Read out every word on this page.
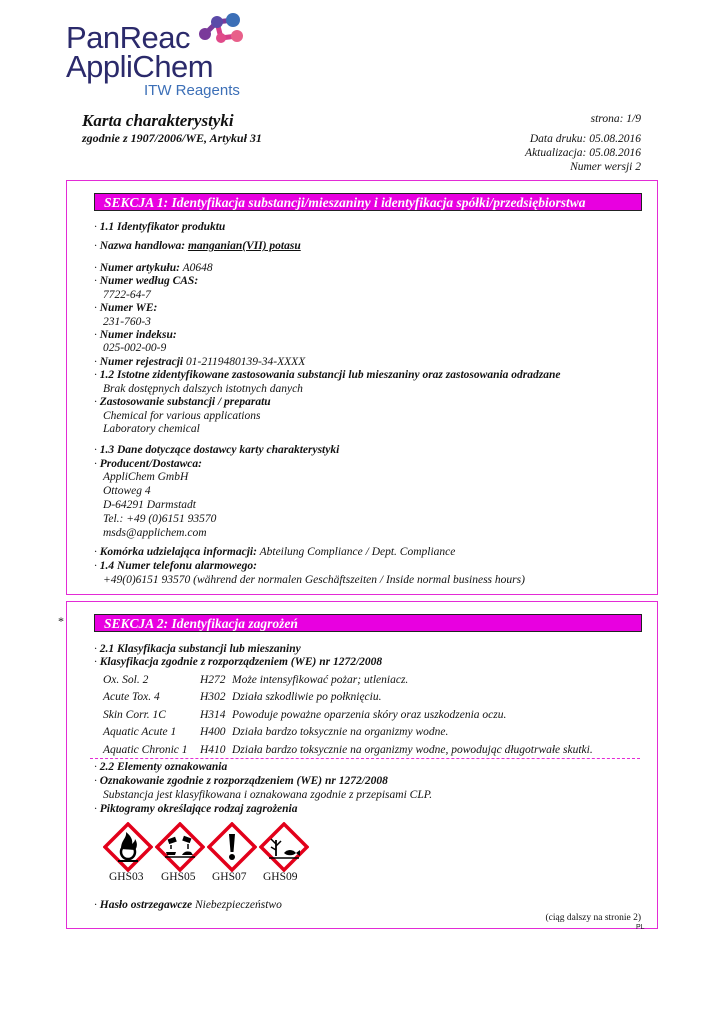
PanReac
AppliChem
ITW Reagents
Karta charakterystyki
zgodnie z 1907/2006/WE, Artykuł 31
strona: 1/9
Data druku: 05.08.2016
Aktualizacja: 05.08.2016
Numer wersji 2
SEKCJA 1: Identyfikacja substancji/mieszaniny i identyfikacja spółki/przedsiębiorstwa
· 1.1 Identyfikator produktu
· Nazwa handlowa: manganian(VII) potasu
· Numer artykułu: A0648
· Numer według CAS:
7722-64-7
· Numer WE:
231-760-3
· Numer indeksu:
025-002-00-9
· Numer rejestracji 01-2119480139-34-XXXX
· 1.2 Istotne zidentyfikowane zastosowania substancji lub mieszaniny oraz zastosowania odradzane
Brak dostępnych dalszych istotnych danych
· Zastosowanie substancji / preparatu
Chemical for various applications
Laboratory chemical
· 1.3 Dane dotyczące dostawcy karty charakterystyki
· Producent/Dostawca:
AppliChem GmbH
Ottoweg 4
D-64291 Darmstadt
Tel.: +49 (0)6151 93570
msds@applichem.com
· Komórka udzielająca informacji: Abteilung Compliance / Dept. Compliance
· 1.4 Numer telefonu alarmowego:
+49(0)6151 93570 (während der normalen Geschäftszeiten / Inside normal business hours)
*	SEKCJA 2: Identyfikacja zagrożeń
· 2.1 Klasyfikacja substancji lub mieszaniny
· Klasyfikacja zgodnie z rozporządzeniem (WE) nr 1272/2008
Ox. Sol. 2	H272	Może intensyfikować pożar; utleniacz.
Acute Tox. 4	H302	Działa szkodliwie po połknięciu.
Skin Corr. 1C	H314	Powoduje poważne oparzenia skóry oraz uszkodzenia oczu.
Aquatic Acute 1	H400	Działa bardzo toksycznie na organizmy wodne.
Aquatic Chronic 1	H410	Działa bardzo toksycznie na organizmy wodne, powodując długotrwałe skutki.
· 2.2 Elementy oznakowania
· Oznakowanie zgodnie z rozporządzeniem (WE) nr 1272/2008
Substancja jest klasyfikowana i oznakowana zgodnie z przepisami CLP.
· Piktogramy określające rodzaj zagrożenia
GHS03 GHS05 GHS07 GHS09
· Hasło ostrzegawcze Niebezpieczeństwo
(ciąg dalszy na stronie 2)
PL
